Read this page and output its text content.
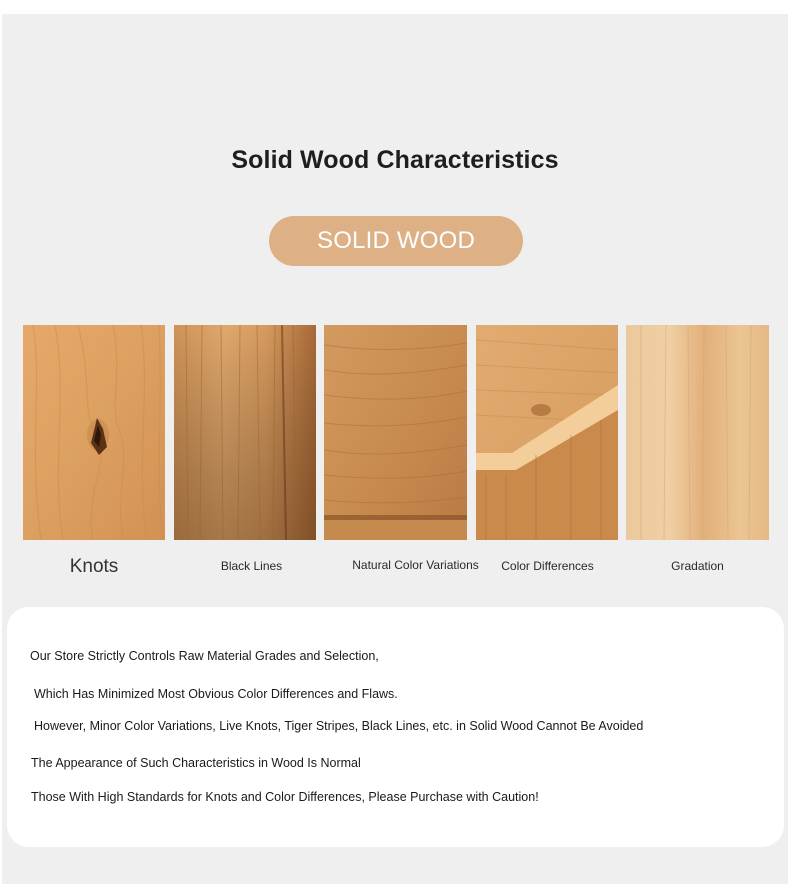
Solid Wood Characteristics
SOLID WOOD
Knots	Black Lines	Natural Color Variations	Color Differences	Gradation
Our Store Strictly Controls Raw Material Grades and Selection,
Which Has Minimized Most Obvious Color Differences and Flaws.
However, Minor Color Variations, Live Knots, Tiger Stripes, Black Lines, etc. in Solid Wood Cannot Be Avoided
The Appearance of Such Characteristics in Wood Is Normal
Those With High Standards for Knots and Color Differences, Please Purchase with Caution!
